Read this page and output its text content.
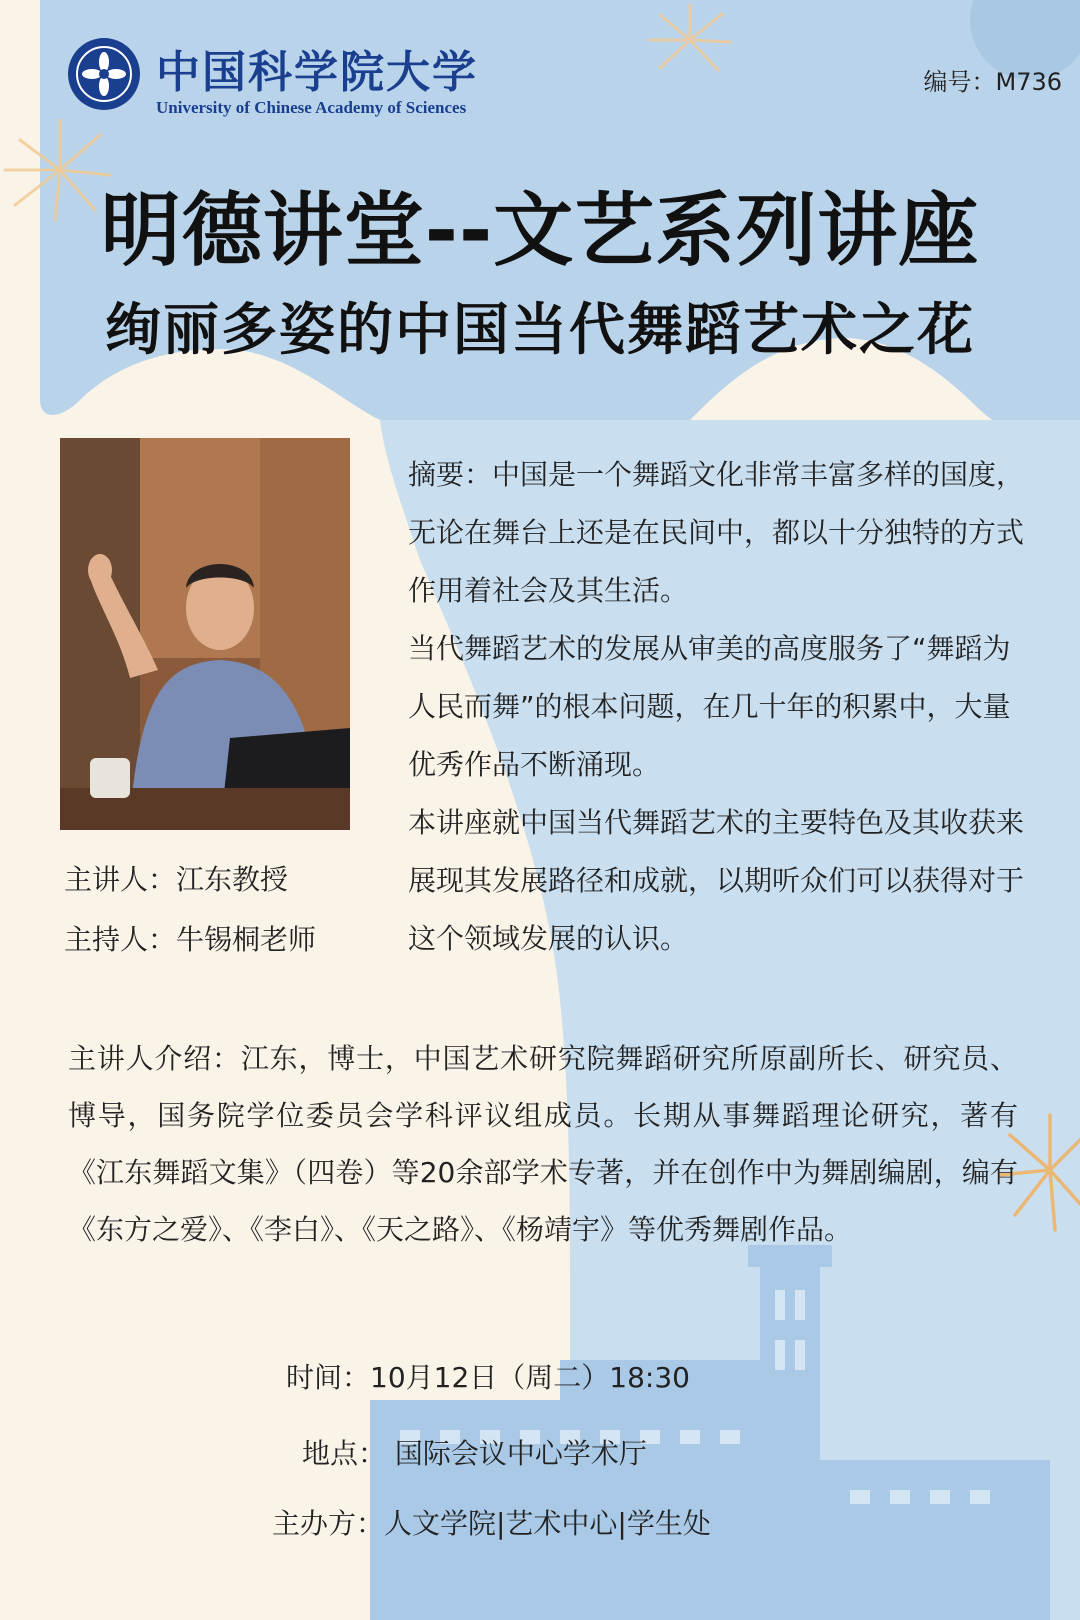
中国科学院大学
University of Chinese Academy of Sciences
编号：M736
明德讲堂--文艺系列讲座
绚丽多姿的中国当代舞蹈艺术之花
主讲人：江东教授
主持人：牛锡桐老师

摘要：中国是一个舞蹈文化非常丰富多样的国度，无论在舞台上还是在民间中，都以十分独特的方式作用着社会及其生活。

当代舞蹈艺术的发展从审美的高度服务了“舞蹈为人民而舞”的根本问题，在几十年的积累中，大量优秀作品不断涌现。

本讲座就中国当代舞蹈艺术的主要特色及其收获来展现其发展路径和成就，以期听众们可以获得对于这个领域发展的认识。

主讲人介绍：江东，博士，中国艺术研究院舞蹈研究所原副所长、研究员、博导，国务院学位委员会学科评议组成员。长期从事舞蹈理论研究，著有《江东舞蹈文集》（四卷）等20余部学术专著，并在创作中为舞剧编剧，编有《东方之爱》、《李白》、《天之路》、《杨靖宇》等优秀舞剧作品。
时间：10月12日（周二）18:30
地点： 国际会议中心学术厅
主办方：人文学院|艺术中心|学生处
